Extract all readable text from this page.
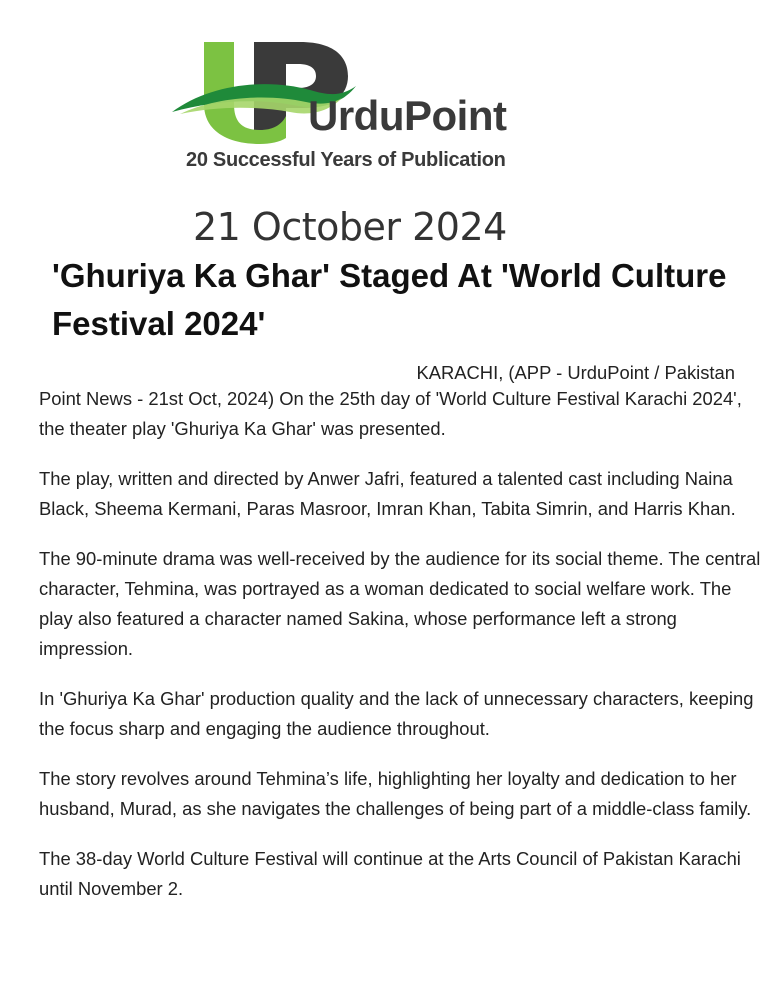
UrduPoint
20 Successful Years of Publication
21 October 2024
'Ghuriya Ka Ghar' Staged At 'World Culture Festival 2024'
KARACHI, (APP - UrduPoint / Pakistan

Point News - 21st Oct, 2024) On the 25th day of 'World Culture Festival Karachi 2024', the theater play 'Ghuriya Ka Ghar' was presented.

The play, written and directed by Anwer Jafri, featured a talented cast including Naina Black, Sheema Kermani, Paras Masroor, Imran Khan, Tabita Simrin, and Harris Khan.

The 90-minute drama was well-received by the audience for its social theme. The central character, Tehmina, was portrayed as a woman dedicated to social welfare work. The play also featured a character named Sakina, whose performance left a strong impression.

In 'Ghuriya Ka Ghar' production quality and the lack of unnecessary characters, keeping the focus sharp and engaging the audience throughout.

The story revolves around Tehmina’s life, highlighting her loyalty and dedication to her husband, Murad, as she navigates the challenges of being part of a middle-class family.

The 38-day World Culture Festival will continue at the Arts Council of Pakistan Karachi until November 2.
